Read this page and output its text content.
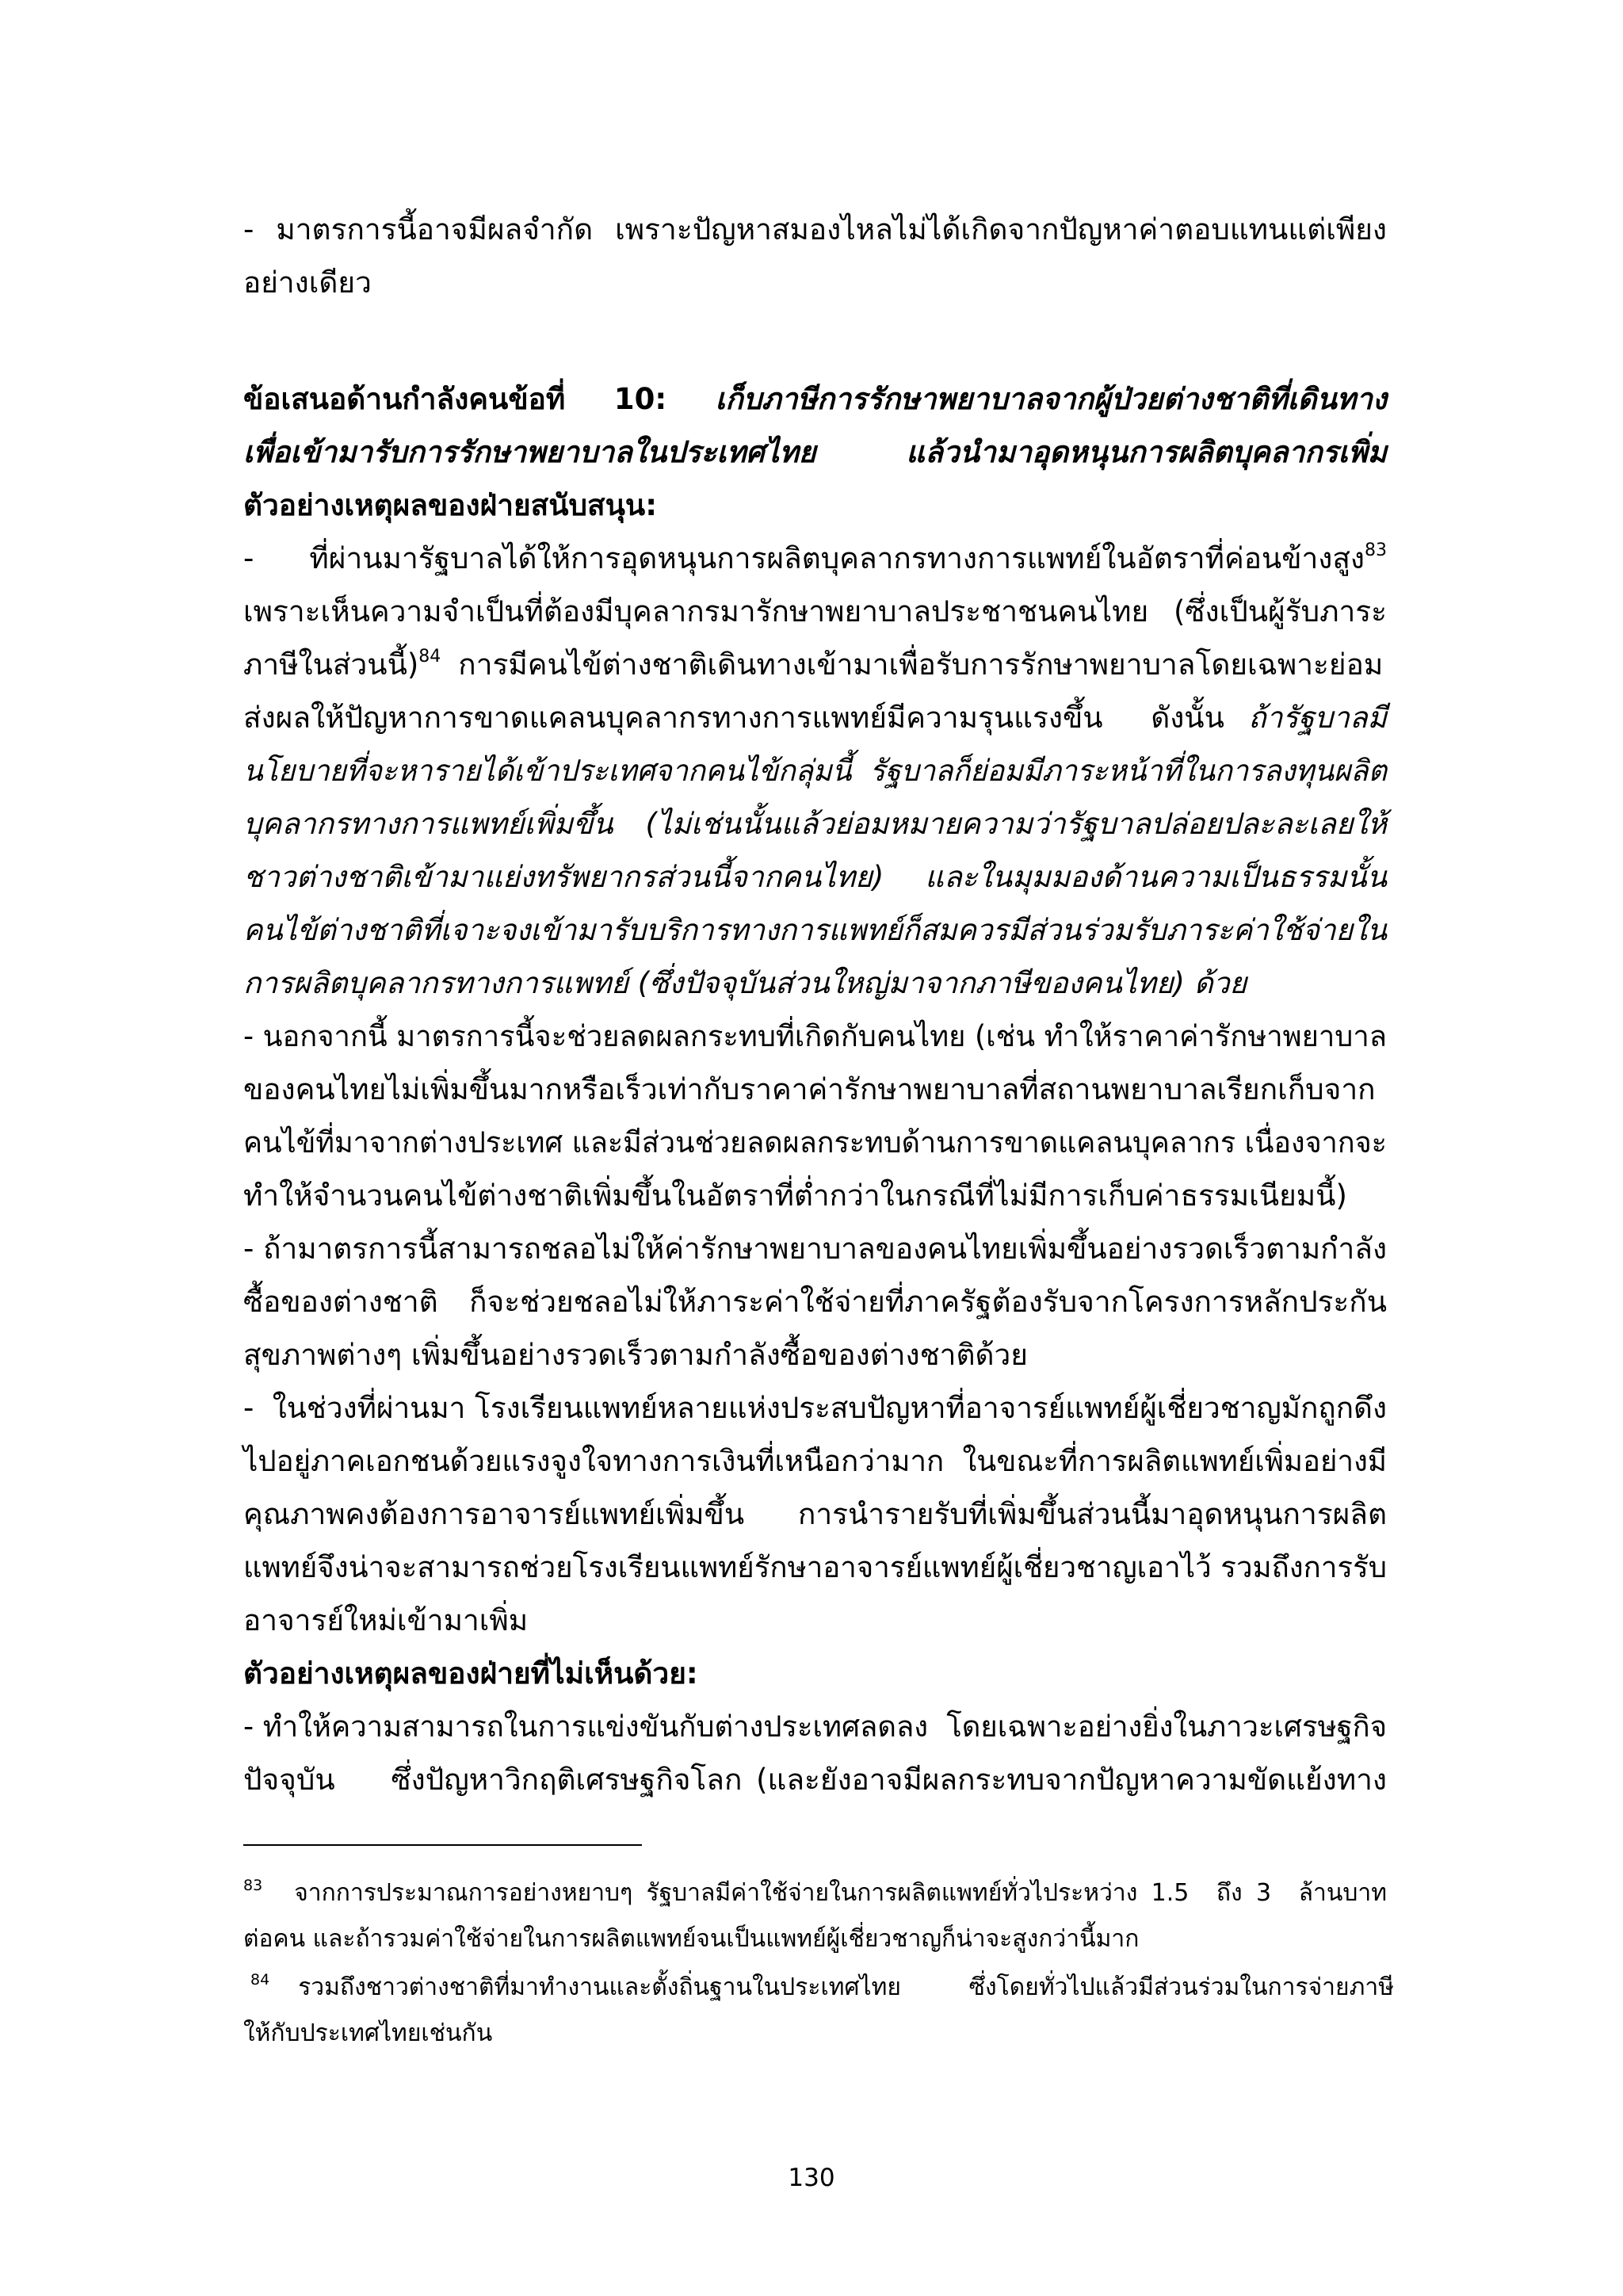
- มาตรการนี้อาจมีผลจำกัด เพราะปัญหาสมองไหลไม่ได้เกิดจากปัญหาค่าตอบแทนแต่เพียง
อย่างเดียว
ข้อเสนอด้านกำลังคนข้อที่ 10: เก็บภาษีการรักษาพยาบาลจากผู้ป่วยต่างชาติที่เดินทาง
เพื่อเข้ามารับการรักษาพยาบาลในประเทศไทย แล้วนำมาอุดหนุนการผลิตบุคลากรเพิ่ม
ตัวอย่างเหตุผลของฝ่ายสนับสนุน:
- ที่ผ่านมารัฐบาลได้ให้การอุดหนุนการผลิตบุคลากรทางการแพทย์ในอัตราที่ค่อนข้างสูง$^{83}$
เพราะเห็นความจำเป็นที่ต้องมีบุคลากรมารักษาพยาบาลประชาชนคนไทย (ซึ่งเป็นผู้รับภาระ
ภาษีในส่วนนี้)$^{84}$ การมีคนไข้ต่างชาติเดินทางเข้ามาเพื่อรับการรักษาพยาบาลโดยเฉพาะย่อม
ส่งผลให้ปัญหาการขาดแคลนบุคลากรทางการแพทย์มีความรุนแรงขึ้น  ดังนั้น ถ้ารัฐบาลมี
นโยบายที่จะหารายได้เข้าประเทศจากคนไข้กลุ่มนี้  รัฐบาลก็ย่อมมีภาระหน้าที่ในการลงทุนผลิต
บุคลากรทางการแพทย์เพิ่มขึ้น (ไม่เช่นนั้นแล้วย่อมหมายความว่ารัฐบาลปล่อยปละละเลยให้
ชาวต่างชาติเข้ามาแย่งทรัพยากรส่วนนี้จากคนไทย)  และในมุมมองด้านความเป็นธรรมนั้น
คนไข้ต่างชาติที่เจาะจงเข้ามารับบริการทางการแพทย์ก็สมควรมีส่วนร่วมรับภาระค่าใช้จ่ายใน
การผลิตบุคลากรทางการแพทย์ (ซึ่งปัจจุบันส่วนใหญ่มาจากภาษีของคนไทย) ด้วย
- นอกจากนี้ มาตรการนี้จะช่วยลดผลกระทบที่เกิดกับคนไทย (เช่น ทำให้ราคาค่ารักษาพยาบาล
ของคนไทยไม่เพิ่มขึ้นมากหรือเร็วเท่ากับราคาค่ารักษาพยาบาลที่สถานพยาบาลเรียกเก็บจาก
คนไข้ที่มาจากต่างประเทศ และมีส่วนช่วยลดผลกระทบด้านการขาดแคลนบุคลากร เนื่องจากจะ
ทำให้จำนวนคนไข้ต่างชาติเพิ่มขึ้นในอัตราที่ต่ำกว่าในกรณีที่ไม่มีการเก็บค่าธรรมเนียมนี้)
- ถ้ามาตรการนี้สามารถชลอไม่ให้ค่ารักษาพยาบาลของคนไทยเพิ่มขึ้นอย่างรวดเร็วตามกำลัง
ซื้อของต่างชาติ ก็จะช่วยชลอไม่ให้ภาระค่าใช้จ่ายที่ภาครัฐต้องรับจากโครงการหลักประกัน
สุขภาพต่างๆ เพิ่มขึ้นอย่างรวดเร็วตามกำลังซื้อของต่างชาติด้วย
-  ในช่วงที่ผ่านมา โรงเรียนแพทย์หลายแห่งประสบปัญหาที่อาจารย์แพทย์ผู้เชี่ยวชาญมักถูกดึง
ไปอยู่ภาคเอกชนด้วยแรงจูงใจทางการเงินที่เหนือกว่ามาก  ในขณะที่การผลิตแพทย์เพิ่มอย่างมี
คุณภาพคงต้องการอาจารย์แพทย์เพิ่มขึ้น  การนำรายรับที่เพิ่มขึ้นส่วนนี้มาอุดหนุนการผลิต
แพทย์จึงน่าจะสามารถช่วยโรงเรียนแพทย์รักษาอาจารย์แพทย์ผู้เชี่ยวชาญเอาไว้ รวมถึงการรับ
อาจารย์ใหม่เข้ามาเพิ่ม
ตัวอย่างเหตุผลของฝ่ายที่ไม่เห็นด้วย:
- ทำให้ความสามารถในการแข่งขันกับต่างประเทศลดลง  โดยเฉพาะอย่างยิ่งในภาวะเศรษฐกิจ
ปัจจุบัน    ซึ่งปัญหาวิกฤติเศรษฐกิจโลก (และยังอาจมีผลกระทบจากปัญหาความขัดแย้งทาง
$^{83}$ จากการประมาณการอย่างหยาบๆ รัฐบาลมีค่าใช้จ่ายในการผลิตแพทย์ทั่วไประหว่าง 1.5  ถึง 3  ล้านบาท
ต่อคน และถ้ารวมค่าใช้จ่ายในการผลิตแพทย์จนเป็นแพทย์ผู้เชี่ยวชาญก็น่าจะสูงกว่านี้มาก
$^{84}$ รวมถึงชาวต่างชาติที่มาทำงานและตั้งถิ่นฐานในประเทศไทย   ซึ่งโดยทั่วไปแล้วมีส่วนร่วมในการจ่ายภาษี
ให้กับประเทศไทยเช่นกัน
130
